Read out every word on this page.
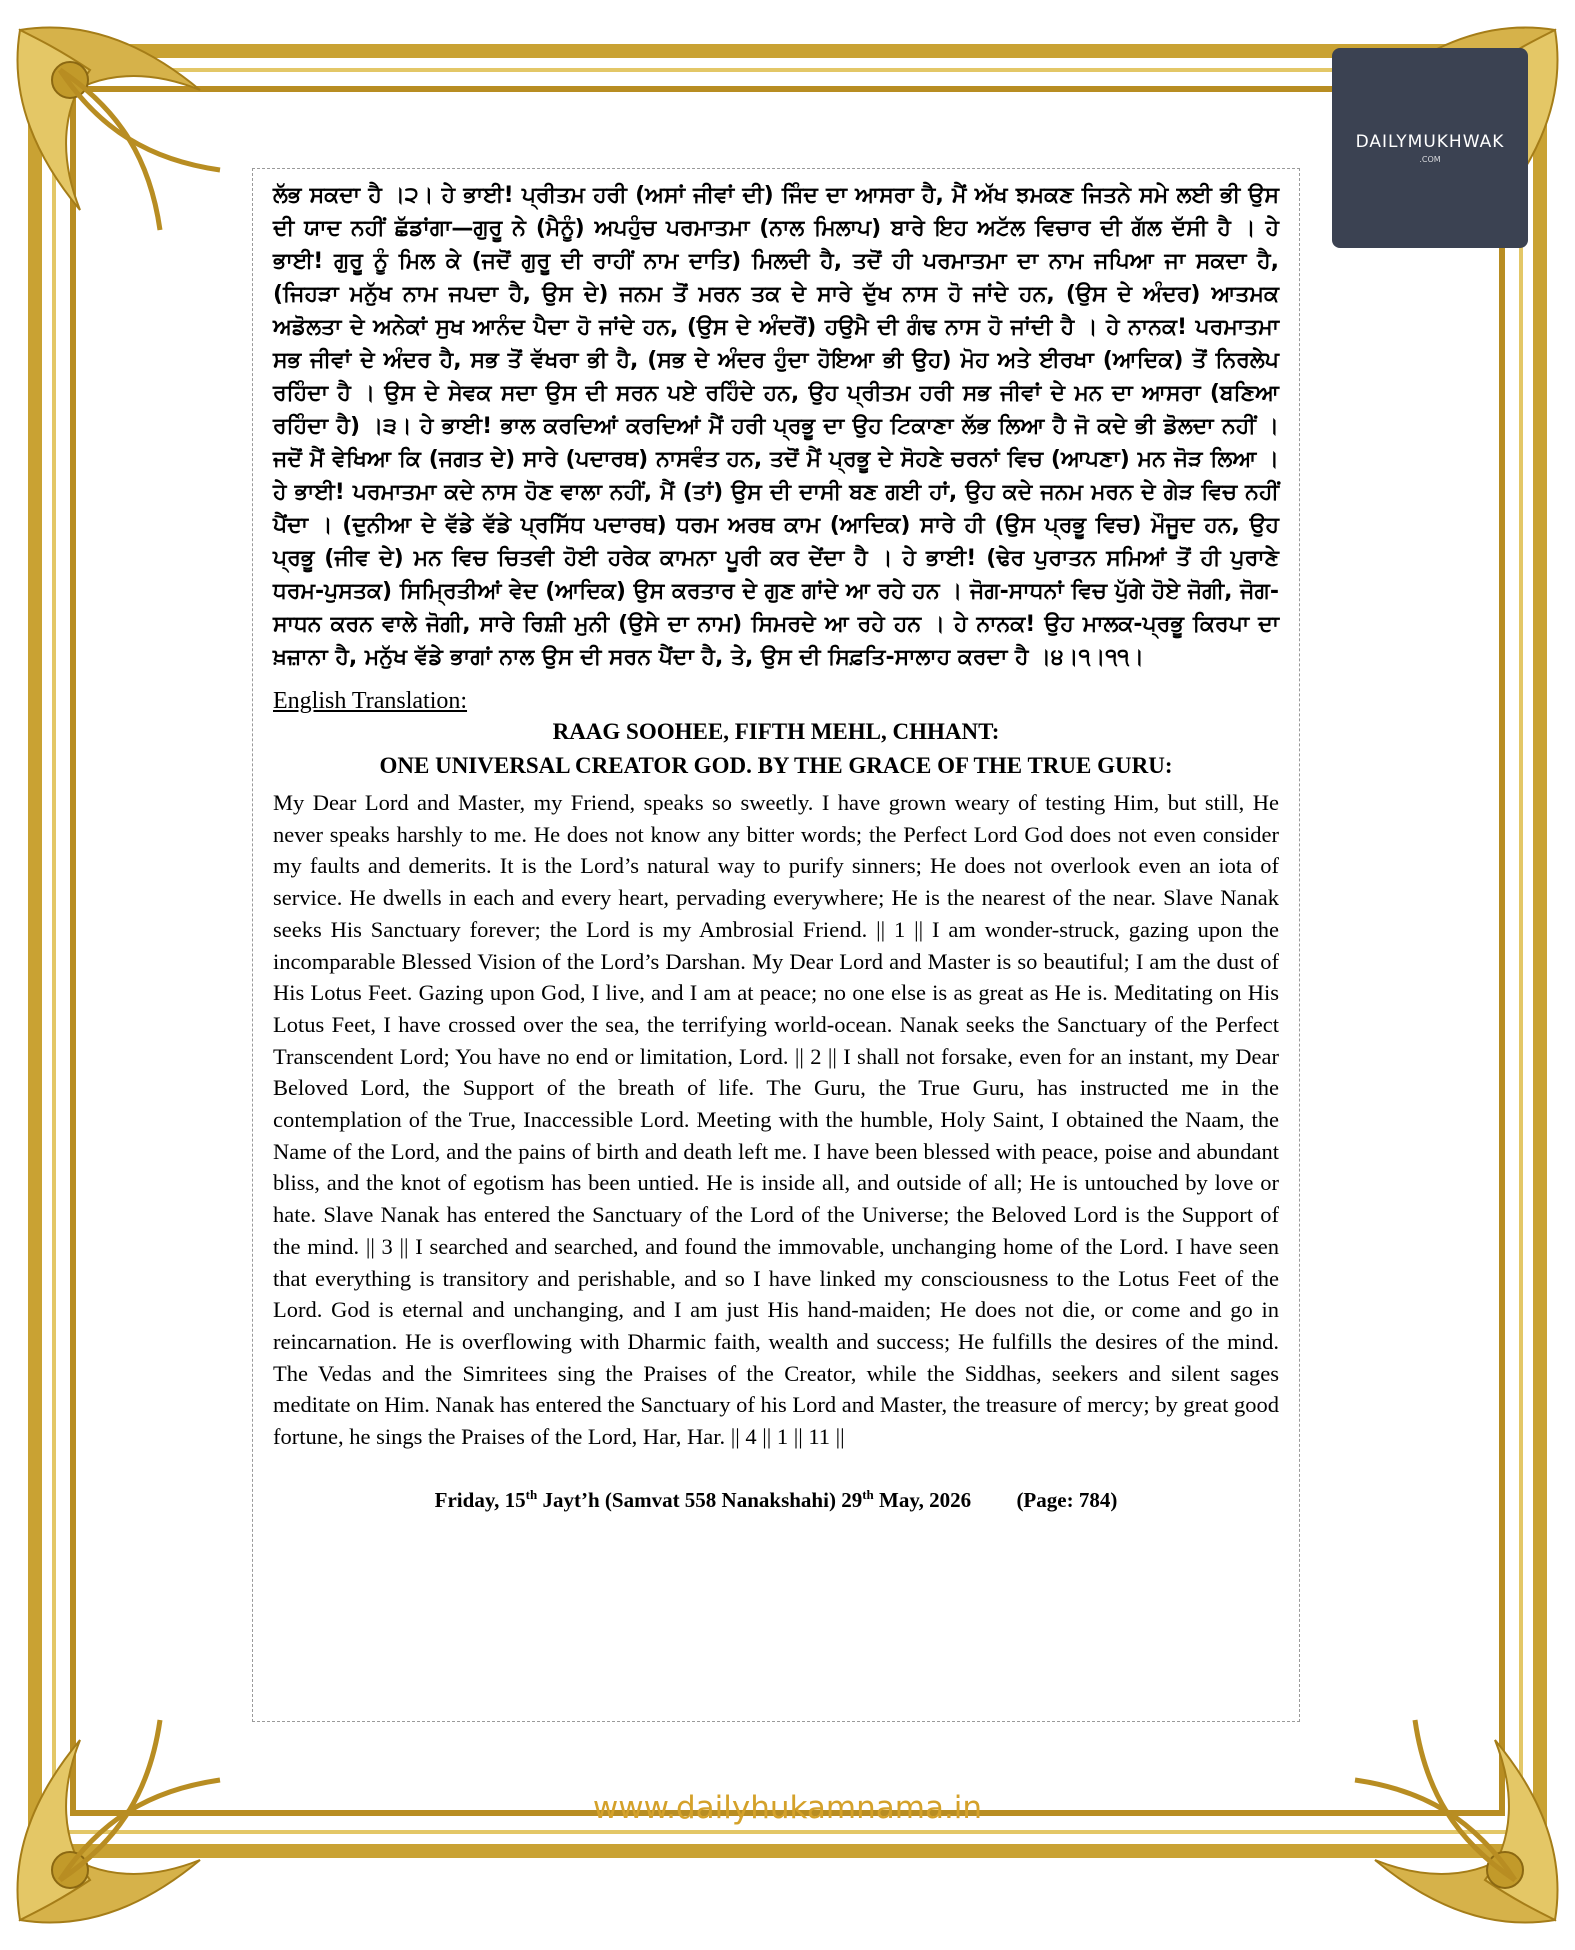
DAILYMUKHWAK
.COM

ਲੱਭ ਸਕਦਾ ਹੈ ।੨। ਹੇ ਭਾਈ! ਪ੍ਰੀਤਮ ਹਰੀ (ਅਸਾਂ ਜੀਵਾਂ ਦੀ) ਜਿੰਦ ਦਾ ਆਸਰਾ ਹੈ, ਮੈਂ ਅੱਖ ਝਮਕਣ ਜਿਤਨੇ ਸਮੇ ਲਈ ਭੀ ਉਸ ਦੀ ਯਾਦ ਨਹੀਂ ਛੱਡਾਂਗਾ—ਗੁਰੂ ਨੇ (ਮੈਨੂੰ) ਅਪਹੁੰਚ ਪਰਮਾਤਮਾ (ਨਾਲ ਮਿਲਾਪ) ਬਾਰੇ ਇਹ ਅਟੱਲ ਵਿਚਾਰ ਦੀ ਗੱਲ ਦੱਸੀ ਹੈ । ਹੇ ਭਾਈ! ਗੁਰੂ ਨੂੰ ਮਿਲ ਕੇ (ਜਦੋਂ ਗੁਰੂ ਦੀ ਰਾਹੀਂ ਨਾਮ ਦਾਤਿ) ਮਿਲਦੀ ਹੈ, ਤਦੋਂ ਹੀ ਪਰਮਾਤਮਾ ਦਾ ਨਾਮ ਜਪਿਆ ਜਾ ਸਕਦਾ ਹੈ, (ਜਿਹੜਾ ਮਨੁੱਖ ਨਾਮ ਜਪਦਾ ਹੈ, ਉਸ ਦੇ) ਜਨਮ ਤੋਂ ਮਰਨ ਤਕ ਦੇ ਸਾਰੇ ਦੁੱਖ ਨਾਸ ਹੋ ਜਾਂਦੇ ਹਨ, (ਉਸ ਦੇ ਅੰਦਰ) ਆਤਮਕ ਅਡੋਲਤਾ ਦੇ ਅਨੇਕਾਂ ਸੁਖ ਆਨੰਦ ਪੈਦਾ ਹੋ ਜਾਂਦੇ ਹਨ, (ਉਸ ਦੇ ਅੰਦਰੋਂ) ਹਉਮੈ ਦੀ ਗੰਢ ਨਾਸ ਹੋ ਜਾਂਦੀ ਹੈ । ਹੇ ਨਾਨਕ! ਪਰਮਾਤਮਾ ਸਭ ਜੀਵਾਂ ਦੇ ਅੰਦਰ ਹੈ, ਸਭ ਤੋਂ ਵੱਖਰਾ ਭੀ ਹੈ, (ਸਭ ਦੇ ਅੰਦਰ ਹੁੰਦਾ ਹੋਇਆ ਭੀ ਉਹ) ਮੋਹ ਅਤੇ ਈਰਖਾ (ਆਦਿਕ) ਤੋਂ ਨਿਰਲੇਪ ਰਹਿੰਦਾ ਹੈ । ਉਸ ਦੇ ਸੇਵਕ ਸਦਾ ਉਸ ਦੀ ਸਰਨ ਪਏ ਰਹਿੰਦੇ ਹਨ, ਉਹ ਪ੍ਰੀਤਮ ਹਰੀ ਸਭ ਜੀਵਾਂ ਦੇ ਮਨ ਦਾ ਆਸਰਾ (ਬਣਿਆ ਰਹਿੰਦਾ ਹੈ) ।੩। ਹੇ ਭਾਈ! ਭਾਲ ਕਰਦਿਆਂ ਕਰਦਿਆਂ ਮੈਂ ਹਰੀ ਪ੍ਰਭੂ ਦਾ ਉਹ ਟਿਕਾਣਾ ਲੱਭ ਲਿਆ ਹੈ ਜੋ ਕਦੇ ਭੀ ਡੋਲਦਾ ਨਹੀਂ । ਜਦੋਂ ਮੈਂ ਵੇਖਿਆ ਕਿ (ਜਗਤ ਦੇ) ਸਾਰੇ (ਪਦਾਰਥ) ਨਾਸਵੰਤ ਹਨ, ਤਦੋਂ ਮੈਂ ਪ੍ਰਭੂ ਦੇ ਸੋਹਣੇ ਚਰਨਾਂ ਵਿਚ (ਆਪਣਾ) ਮਨ ਜੋੜ ਲਿਆ । ਹੇ ਭਾਈ! ਪਰਮਾਤਮਾ ਕਦੇ ਨਾਸ ਹੋਣ ਵਾਲਾ ਨਹੀਂ, ਮੈਂ (ਤਾਂ) ਉਸ ਦੀ ਦਾਸੀ ਬਣ ਗਈ ਹਾਂ, ਉਹ ਕਦੇ ਜਨਮ ਮਰਨ ਦੇ ਗੇੜ ਵਿਚ ਨਹੀਂ ਪੈਂਦਾ । (ਦੁਨੀਆ ਦੇ ਵੱਡੇ ਵੱਡੇ ਪ੍ਰਸਿੱਧ ਪਦਾਰਥ) ਧਰਮ ਅਰਥ ਕਾਮ (ਆਦਿਕ) ਸਾਰੇ ਹੀ (ਉਸ ਪ੍ਰਭੂ ਵਿਚ) ਮੌਜੂਦ ਹਨ, ਉਹ ਪ੍ਰਭੂ (ਜੀਵ ਦੇ) ਮਨ ਵਿਚ ਚਿਤਵੀ ਹੋਈ ਹਰੇਕ ਕਾਮਨਾ ਪੂਰੀ ਕਰ ਦੇਂਦਾ ਹੈ । ਹੇ ਭਾਈ! (ਢੇਰ ਪੁਰਾਤਨ ਸਮਿਆਂ ਤੋਂ ਹੀ ਪੁਰਾਣੇ ਧਰਮ-ਪੁਸਤਕ) ਸਿਮ੍ਰਿਤੀਆਂ ਵੇਦ (ਆਦਿਕ) ਉਸ ਕਰਤਾਰ ਦੇ ਗੁਣ ਗਾਂਦੇ ਆ ਰਹੇ ਹਨ । ਜੋਗ-ਸਾਧਨਾਂ ਵਿਚ ਪੁੱਗੇ ਹੋਏ ਜੋਗੀ, ਜੋਗ-ਸਾਧਨ ਕਰਨ ਵਾਲੇ ਜੋਗੀ, ਸਾਰੇ ਰਿਸ਼ੀ ਮੁਨੀ (ਉਸੇ ਦਾ ਨਾਮ) ਸਿਮਰਦੇ ਆ ਰਹੇ ਹਨ । ਹੇ ਨਾਨਕ! ਉਹ ਮਾਲਕ-ਪ੍ਰਭੂ ਕਿਰਪਾ ਦਾ ਖ਼ਜ਼ਾਨਾ ਹੈ, ਮਨੁੱਖ ਵੱਡੇ ਭਾਗਾਂ ਨਾਲ ਉਸ ਦੀ ਸਰਨ ਪੈਂਦਾ ਹੈ, ਤੇ, ਉਸ ਦੀ ਸਿਫ਼ਤਿ-ਸਾਲਾਹ ਕਰਦਾ ਹੈ ।੪।੧।੧੧।

English Translation:
RAAG SOOHEE, FIFTH MEHL, CHHANT:
ONE UNIVERSAL CREATOR GOD. BY THE GRACE OF THE TRUE GURU:

My Dear Lord and Master, my Friend, speaks so sweetly. I have grown weary of testing Him, but still, He never speaks harshly to me. He does not know any bitter words; the Perfect Lord God does not even consider my faults and demerits. It is the Lord’s natural way to purify sinners; He does not overlook even an iota of service. He dwells in each and every heart, pervading everywhere; He is the nearest of the near. Slave Nanak seeks His Sanctuary forever; the Lord is my Ambrosial Friend. || 1 || I am wonder-struck, gazing upon the incomparable Blessed Vision of the Lord’s Darshan. My Dear Lord and Master is so beautiful; I am the dust of His Lotus Feet. Gazing upon God, I live, and I am at peace; no one else is as great as He is. Meditating on His Lotus Feet, I have crossed over the sea, the terrifying world-ocean. Nanak seeks the Sanctuary of the Perfect Transcendent Lord; You have no end or limitation, Lord. || 2 || I shall not forsake, even for an instant, my Dear Beloved Lord, the Support of the breath of life. The Guru, the True Guru, has instructed me in the contemplation of the True, Inaccessible Lord. Meeting with the humble, Holy Saint, I obtained the Naam, the Name of the Lord, and the pains of birth and death left me. I have been blessed with peace, poise and abundant bliss, and the knot of egotism has been untied. He is inside all, and outside of all; He is untouched by love or hate. Slave Nanak has entered the Sanctuary of the Lord of the Universe; the Beloved Lord is the Support of the mind. || 3 || I searched and searched, and found the immovable, unchanging home of the Lord. I have seen that everything is transitory and perishable, and so I have linked my consciousness to the Lotus Feet of the Lord. God is eternal and unchanging, and I am just His hand-maiden; He does not die, or come and go in reincarnation. He is overflowing with Dharmic faith, wealth and success; He fulfills the desires of the mind. The Vedas and the Simritees sing the Praises of the Creator, while the Siddhas, seekers and silent sages meditate on Him. Nanak has entered the Sanctuary of his Lord and Master, the treasure of mercy; by great good fortune, he sings the Praises of the Lord, Har, Har. || 4 || 1 || 11 ||

Friday, 15th Jayt’h (Samvat 558 Nanakshahi) 29th May, 2026 (Page: 784)
www.dailyhukamnama.in
